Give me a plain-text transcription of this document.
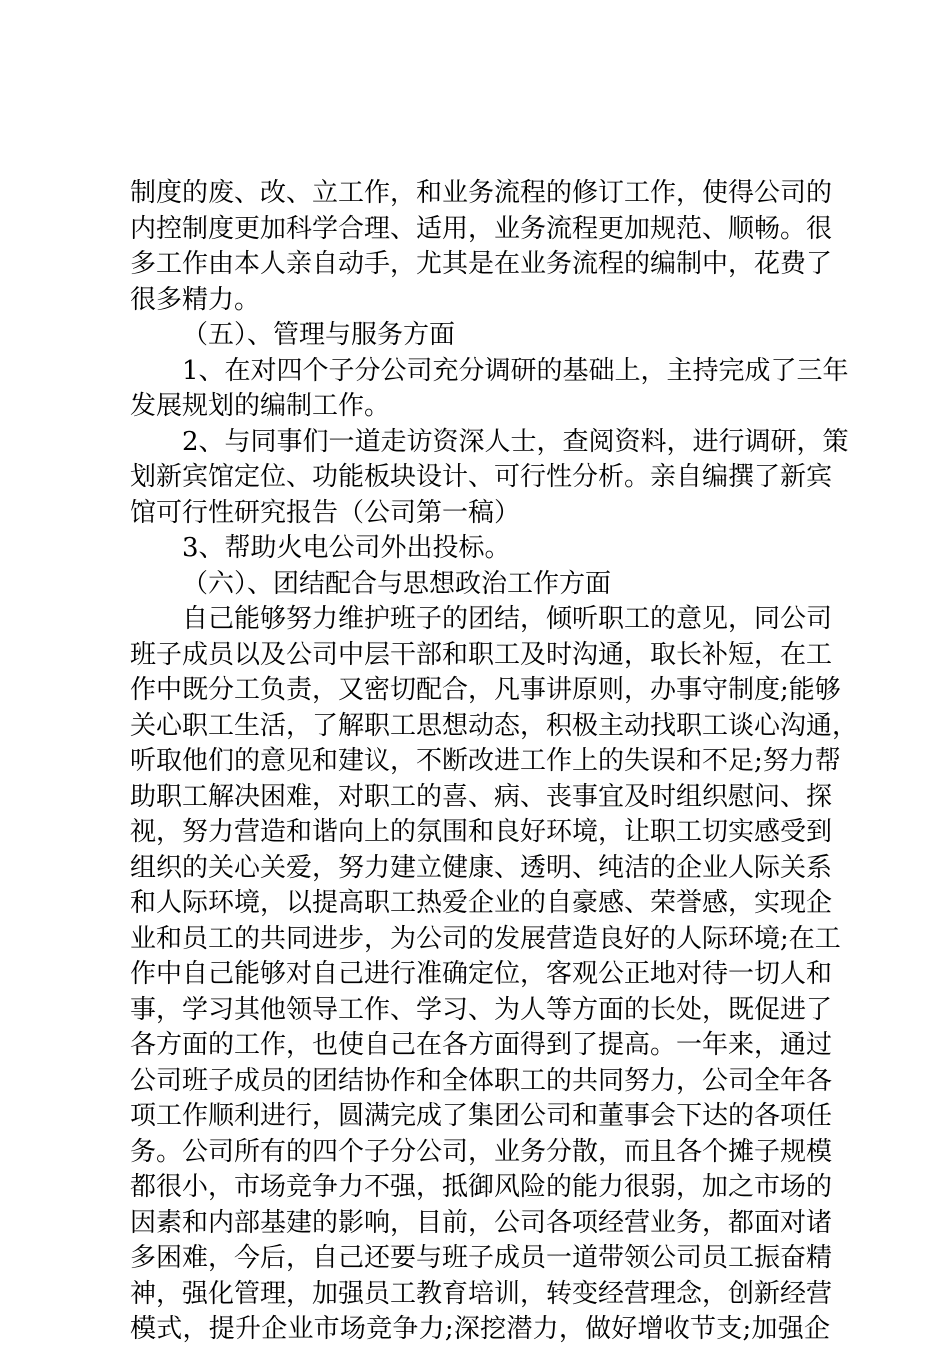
制度的废、改、立工作，和业务流程的修订工作，使得公司的
内控制度更加科学合理、适用，业务流程更加规范、顺畅。很
多工作由本人亲自动手，尤其是在业务流程的编制中，花费了
很多精力。
（五）、管理与服务方面
1、在对四个子分公司充分调研的基础上，主持完成了三年
发展规划的编制工作。
2、与同事们一道走访资深人士，查阅资料，进行调研，策
划新宾馆定位、功能板块设计、可行性分析。亲自编撰了新宾
馆可行性研究报告（公司第一稿）
3、帮助火电公司外出投标。
（六）、团结配合与思想政治工作方面
自己能够努力维护班子的团结，倾听职工的意见，同公司
班子成员以及公司中层干部和职工及时沟通，取长补短，在工
作中既分工负责，又密切配合，凡事讲原则，办事守制度;能够
关心职工生活，了解职工思想动态，积极主动找职工谈心沟通，
听取他们的意见和建议，不断改进工作上的失误和不足;努力帮
助职工解决困难，对职工的喜、病、丧事宜及时组织慰问、探
视，努力营造和谐向上的氛围和良好环境，让职工切实感受到
组织的关心关爱，努力建立健康、透明、纯洁的企业人际关系
和人际环境，以提高职工热爱企业的自豪感、荣誉感，实现企
业和员工的共同进步，为公司的发展营造良好的人际环境;在工
作中自己能够对自己进行准确定位，客观公正地对待一切人和
事，学习其他领导工作、学习、为人等方面的长处，既促进了
各方面的工作，也使自己在各方面得到了提高。一年来，通过
公司班子成员的团结协作和全体职工的共同努力，公司全年各
项工作顺利进行，圆满完成了集团公司和董事会下达的各项任
务。公司所有的四个子分公司，业务分散，而且各个摊子规模
都很小，市场竞争力不强，抵御风险的能力很弱，加之市场的
因素和内部基建的影响，目前，公司各项经营业务，都面对诸
多困难，今后，自己还要与班子成员一道带领公司员工振奋精
神，强化管理，加强员工教育培训，转变经营理念，创新经营
模式，提升企业市场竞争力;深挖潜力，做好增收节支;加强企
